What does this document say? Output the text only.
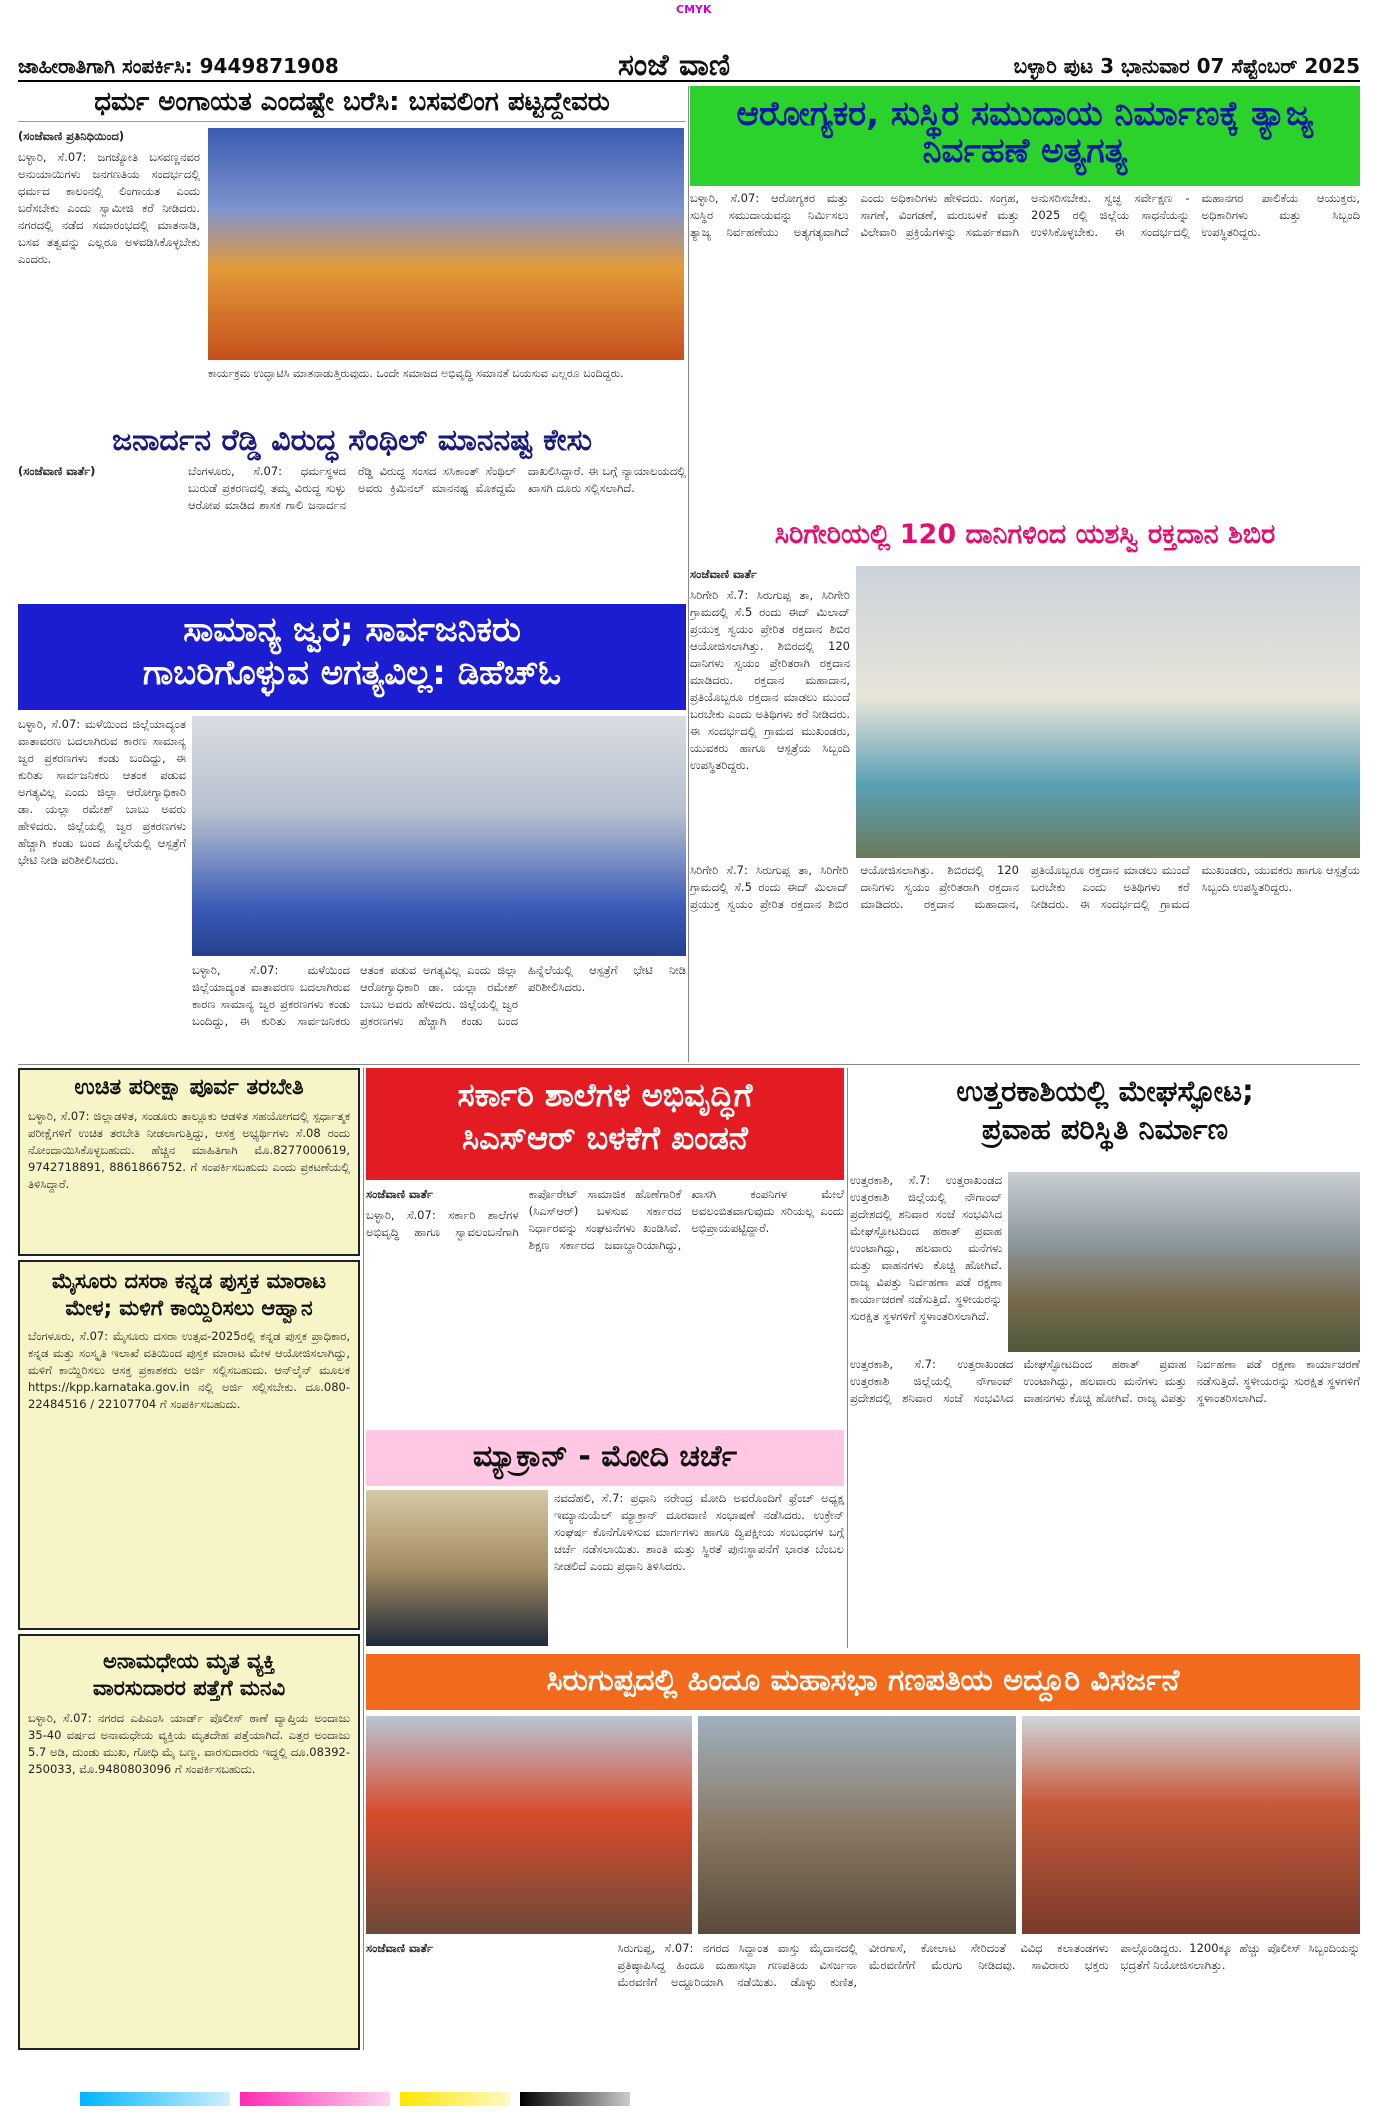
CMYK
ಜಾಹೀರಾತಿಗಾಗಿ ಸಂಪರ್ಕಿಸಿ: 9449871908	ಸಂಜೆ ವಾಣಿ	ಬಳ್ಳಾರಿ ಪುಟ 3 ಭಾನುವಾರ 07 ಸೆಪ್ಟೆಂಬರ್ 2025
ಧರ್ಮ ಅಂಗಾಯತ ಎಂದಷ್ಟೇ ಬರೆಸಿ: ಬಸವಲಿಂಗ ಪಟ್ಟದ್ದೇವರು
(ಸಂಜೆವಾಣಿ ಪ್ರತಿನಿಧಿಯಿಂದ)

ಬಳ್ಳಾರಿ, ಸೆ.07: ಜಗಜ್ಯೋತಿ ಬಸವಣ್ಣನವರ ಅನುಯಾಯಿಗಳು ಜನಗಣತಿಯ ಸಂದರ್ಭದಲ್ಲಿ ಧರ್ಮದ ಕಾಲಂನಲ್ಲಿ ಲಿಂಗಾಯತ ಎಂದು ಬರೆಸಬೇಕು ಎಂದು ಸ್ವಾಮೀಜಿ ಕರೆ ನೀಡಿದರು. ನಗರದಲ್ಲಿ ನಡೆದ ಸಮಾರಂಭದಲ್ಲಿ ಮಾತನಾಡಿ, ಬಸವ ತತ್ವವನ್ನು ಎಲ್ಲರೂ ಅಳವಡಿಸಿಕೊಳ್ಳಬೇಕು ಎಂದರು.

ಕಾರ್ಯಕ್ರಮ ಉದ್ಘಾಟಿಸಿ ಮಾತನಾಡುತ್ತಿರುವುದು. ಒಂದೇ ಸಮಾಜದ ಅಭಿವೃದ್ಧಿ ಸಮಾನತೆ ಬಯಸುವ ಎಲ್ಲರೂ ಬಂದಿದ್ದರು.
ಆರೋಗ್ಯಕರ, ಸುಸ್ಥಿರ ಸಮುದಾಯ ನಿರ್ಮಾಣಕ್ಕೆ ತ್ಯಾಜ್ಯ ನಿರ್ವಹಣೆ ಅತ್ಯಗತ್ಯ
ಬಳ್ಳಾರಿ, ಸೆ.07: ಆರೋಗ್ಯಕರ ಮತ್ತು ಸುಸ್ಥಿರ ಸಮುದಾಯವನ್ನು ನಿರ್ಮಿಸಲು ತ್ಯಾಜ್ಯ ನಿರ್ವಹಣೆಯು ಅತ್ಯಗತ್ಯವಾಗಿದೆ ಎಂದು ಅಧಿಕಾರಿಗಳು ಹೇಳಿದರು. ಸಂಗ್ರಹ, ಸಾಗಣೆ, ವಿಂಗಡಣೆ, ಮರುಬಳಕೆ ಮತ್ತು ವಿಲೇವಾರಿ ಪ್ರಕ್ರಿಯೆಗಳನ್ನು ಸಮರ್ಪಕವಾಗಿ ಅನುಸರಿಸಬೇಕು. ಸ್ವಚ್ಛ ಸರ್ವೇಕ್ಷಣ - 2025 ರಲ್ಲಿ ಜಿಲ್ಲೆಯ ಸಾಧನೆಯನ್ನು ಉಳಿಸಿಕೊಳ್ಳಬೇಕು. ಈ ಸಂದರ್ಭದಲ್ಲಿ ಮಹಾನಗರ ಪಾಲಿಕೆಯ ಆಯುಕ್ತರು, ಅಧಿಕಾರಿಗಳು ಮತ್ತು ಸಿಬ್ಬಂದಿ ಉಪಸ್ಥಿತರಿದ್ದರು.
ಜನಾರ್ದನ ರೆಡ್ಡಿ ವಿರುದ್ಧ ಸೆಂಥಿಲ್ ಮಾನನಷ್ಟ ಕೇಸು
(ಸಂಜೆವಾಣಿ ವಾರ್ತೆ)	ಬೆಂಗಳೂರು, ಸೆ.07: ಧರ್ಮಸ್ಥಳದ ಬುರುಡೆ ಪ್ರಕರಣದಲ್ಲಿ ತಮ್ಮ ವಿರುದ್ಧ ಸುಳ್ಳು ಆರೋಪ ಮಾಡಿದ ಶಾಸಕ ಗಾಲಿ ಜನಾರ್ದನ ರೆಡ್ಡಿ ವಿರುದ್ಧ ಸಂಸದ ಸಸಿಕಾಂತ್ ಸೆಂಥಿಲ್ ಅವರು ಕ್ರಿಮಿನಲ್ ಮಾನನಷ್ಟ ಮೊಕದ್ದಮೆ ದಾಖಲಿಸಿದ್ದಾರೆ. ಈ ಬಗ್ಗೆ ನ್ಯಾಯಾಲಯದಲ್ಲಿ ಖಾಸಗಿ ದೂರು ಸಲ್ಲಿಸಲಾಗಿದೆ.
ಸಾಮಾನ್ಯ ಜ್ವರ; ಸಾರ್ವಜನಿಕರು
ಗಾಬರಿಗೊಳ್ಳುವ ಅಗತ್ಯವಿಲ್ಲ: ಡಿಹೆಚ್ಓ
ಬಳ್ಳಾರಿ, ಸೆ.07: ಮಳೆಯಿಂದ ಜಿಲ್ಲೆಯಾದ್ಯಂತ ವಾತಾವರಣ ಬದಲಾಗಿರುವ ಕಾರಣ ಸಾಮಾನ್ಯ ಜ್ವರ ಪ್ರಕರಣಗಳು ಕಂಡು ಬಂದಿದ್ದು, ಈ ಕುರಿತು ಸಾರ್ವಜನಿಕರು ಆತಂಕ ಪಡುವ ಅಗತ್ಯವಿಲ್ಲ ಎಂದು ಜಿಲ್ಲಾ ಆರೋಗ್ಯಾಧಿಕಾರಿ ಡಾ. ಯಲ್ಲಾ ರಮೇಶ್ ಬಾಬು ಅವರು ಹೇಳಿದರು. ಜಿಲ್ಲೆಯಲ್ಲಿ ಜ್ವರ ಪ್ರಕರಣಗಳು ಹೆಚ್ಚಾಗಿ ಕಂಡು ಬಂದ ಹಿನ್ನೆಲೆಯಲ್ಲಿ ಆಸ್ಪತ್ರೆಗೆ ಭೇಟಿ ನೀಡಿ ಪರಿಶೀಲಿಸಿದರು.
ಬಳ್ಳಾರಿ, ಸೆ.07: ಮಳೆಯಿಂದ ಜಿಲ್ಲೆಯಾದ್ಯಂತ ವಾತಾವರಣ ಬದಲಾಗಿರುವ ಕಾರಣ ಸಾಮಾನ್ಯ ಜ್ವರ ಪ್ರಕರಣಗಳು ಕಂಡು ಬಂದಿದ್ದು, ಈ ಕುರಿತು ಸಾರ್ವಜನಿಕರು ಆತಂಕ ಪಡುವ ಅಗತ್ಯವಿಲ್ಲ ಎಂದು ಜಿಲ್ಲಾ ಆರೋಗ್ಯಾಧಿಕಾರಿ ಡಾ. ಯಲ್ಲಾ ರಮೇಶ್ ಬಾಬು ಅವರು ಹೇಳಿದರು. ಜಿಲ್ಲೆಯಲ್ಲಿ ಜ್ವರ ಪ್ರಕರಣಗಳು ಹೆಚ್ಚಾಗಿ ಕಂಡು ಬಂದ ಹಿನ್ನೆಲೆಯಲ್ಲಿ ಆಸ್ಪತ್ರೆಗೆ ಭೇಟಿ ನೀಡಿ ಪರಿಶೀಲಿಸಿದರು.
ಸಿರಿಗೇರಿಯಲ್ಲಿ 120 ದಾನಿಗಳಿಂದ ಯಶಸ್ವಿ ರಕ್ತದಾನ ಶಿಬಿರ
ಸಂಜೆವಾಣಿ ವಾರ್ತೆ
ಸಿರಿಗೇರಿ ಸೆ.7: ಸಿರುಗುಪ್ಪ ತಾ, ಸಿರಿಗೇರಿ ಗ್ರಾಮದಲ್ಲಿ ಸೆ.5 ರಂದು ಈದ್ ಮಿಲಾದ್ ಪ್ರಯುಕ್ತ ಸ್ವಯಂ ಪ್ರೇರಿತ ರಕ್ತದಾನ ಶಿಬಿರ ಆಯೋಜಿಸಲಾಗಿತ್ತು. ಶಿಬಿರದಲ್ಲಿ 120 ದಾನಿಗಳು ಸ್ವಯಂ ಪ್ರೇರಿತರಾಗಿ ರಕ್ತದಾನ ಮಾಡಿದರು. ರಕ್ತದಾನ ಮಹಾದಾನ, ಪ್ರತಿಯೊಬ್ಬರೂ ರಕ್ತದಾನ ಮಾಡಲು ಮುಂದೆ ಬರಬೇಕು ಎಂದು ಅತಿಥಿಗಳು ಕರೆ ನೀಡಿದರು. ಈ ಸಂದರ್ಭದಲ್ಲಿ ಗ್ರಾಮದ ಮುಖಂಡರು, ಯುವಕರು ಹಾಗೂ ಆಸ್ಪತ್ರೆಯ ಸಿಬ್ಬಂದಿ ಉಪಸ್ಥಿತರಿದ್ದರು.
ಸಿರಿಗೇರಿ ಸೆ.7: ಸಿರುಗುಪ್ಪ ತಾ, ಸಿರಿಗೇರಿ ಗ್ರಾಮದಲ್ಲಿ ಸೆ.5 ರಂದು ಈದ್ ಮಿಲಾದ್ ಪ್ರಯುಕ್ತ ಸ್ವಯಂ ಪ್ರೇರಿತ ರಕ್ತದಾನ ಶಿಬಿರ ಆಯೋಜಿಸಲಾಗಿತ್ತು. ಶಿಬಿರದಲ್ಲಿ 120 ದಾನಿಗಳು ಸ್ವಯಂ ಪ್ರೇರಿತರಾಗಿ ರಕ್ತದಾನ ಮಾಡಿದರು. ರಕ್ತದಾನ ಮಹಾದಾನ, ಪ್ರತಿಯೊಬ್ಬರೂ ರಕ್ತದಾನ ಮಾಡಲು ಮುಂದೆ ಬರಬೇಕು ಎಂದು ಅತಿಥಿಗಳು ಕರೆ ನೀಡಿದರು. ಈ ಸಂದರ್ಭದಲ್ಲಿ ಗ್ರಾಮದ ಮುಖಂಡರು, ಯುವಕರು ಹಾಗೂ ಆಸ್ಪತ್ರೆಯ ಸಿಬ್ಬಂದಿ ಉಪಸ್ಥಿತರಿದ್ದರು.
ಉಚಿತ ಪರೀಕ್ಷಾ ಪೂರ್ವ ತರಬೇತಿ
ಬಳ್ಳಾರಿ, ಸೆ.07: ಜಿಲ್ಲಾಡಳಿತ, ಸಂಡೂರು ತಾಲ್ಲೂಕು ಆಡಳಿತ ಸಹಯೋಗದಲ್ಲಿ ಸ್ಪರ್ಧಾತ್ಮಕ ಪರೀಕ್ಷೆಗಳಿಗೆ ಉಚಿತ ತರಬೇತಿ ನೀಡಲಾಗುತ್ತಿದ್ದು, ಆಸಕ್ತ ಅಭ್ಯರ್ಥಿಗಳು ಸೆ.08 ರಂದು ನೋಂದಾಯಿಸಿಕೊಳ್ಳಬಹುದು. ಹೆಚ್ಚಿನ ಮಾಹಿತಿಗಾಗಿ ಮೊ.8277000619, 9742718891, 8861866752. ಗೆ ಸಂಪರ್ಕಿಸಬಹುದು ಎಂದು ಪ್ರಕಟಣೆಯಲ್ಲಿ ತಿಳಿಸಿದ್ದಾರೆ.
ಮೈಸೂರು ದಸರಾ ಕನ್ನಡ ಪುಸ್ತಕ ಮಾರಾಟ
ಮೇಳ; ಮಳಿಗೆ ಕಾಯ್ದಿರಿಸಲು ಆಹ್ವಾನ
ಬೆಂಗಳೂರು, ಸೆ.07: ಮೈಸೂರು ದಸರಾ ಉತ್ಸವ-2025ರಲ್ಲಿ ಕನ್ನಡ ಪುಸ್ತಕ ಪ್ರಾಧಿಕಾರ, ಕನ್ನಡ ಮತ್ತು ಸಂಸ್ಕೃತಿ ಇಲಾಖೆ ವತಿಯಿಂದ ಪುಸ್ತಕ ಮಾರಾಟ ಮೇಳ ಆಯೋಜಿಸಲಾಗಿದ್ದು, ಮಳಿಗೆ ಕಾಯ್ದಿರಿಸಲು ಆಸಕ್ತ ಪ್ರಕಾಶಕರು ಅರ್ಜಿ ಸಲ್ಲಿಸಬಹುದು. ಆನ್‌ಲೈನ್ ಮೂಲಕ https://kpp.karnataka.gov.in ನಲ್ಲಿ ಅರ್ಜಿ ಸಲ್ಲಿಸಬೇಕು. ದೂ.080-22484516 / 22107704 ಗೆ ಸಂಪರ್ಕಿಸಬಹುದು.
ಅನಾಮಧೇಯ ಮೃತ ವ್ಯಕ್ತಿ
ವಾರಸುದಾರರ ಪತ್ತೆಗೆ ಮನವಿ
ಬಳ್ಳಾರಿ, ಸೆ.07: ನಗರದ ಎಪಿಎಂಸಿ ಯಾರ್ಡ್ ಪೊಲೀಸ್ ಠಾಣೆ ವ್ಯಾಪ್ತಿಯ ಅಂದಾಜು 35-40 ವರ್ಷದ ಅನಾಮಧೇಯ ವ್ಯಕ್ತಿಯ ಮೃತದೇಹ ಪತ್ತೆಯಾಗಿದೆ. ಎತ್ತರ ಅಂದಾಜು 5.7 ಅಡಿ, ದುಂಡು ಮುಖ, ಗೋಧಿ ಮೈ ಬಣ್ಣ. ವಾರಸುದಾರರು ಇದ್ದಲ್ಲಿ ದೂ.08392-250033, ಮೊ.9480803096 ಗೆ ಸಂಪರ್ಕಿಸಬಹುದು.
ಸರ್ಕಾರಿ ಶಾಲೆಗಳ ಅಭಿವೃದ್ಧಿಗೆ
ಸಿಎಸ್ಆರ್ ಬಳಕೆಗೆ ಖಂಡನೆ
ಸಂಜೆವಾಣಿ ವಾರ್ತೆ
ಬಳ್ಳಾರಿ, ಸೆ.07: ಸರ್ಕಾರಿ ಶಾಲೆಗಳ ಅಭಿವೃದ್ಧಿ ಹಾಗೂ ಸ್ವಾವಲಂಬನೆಗಾಗಿ ಕಾರ್ಪೊರೇಟ್ ಸಾಮಾಜಿಕ ಹೊಣೆಗಾರಿಕೆ (ಸಿಎಸ್‌ಆರ್) ಬಳಸುವ ಸರ್ಕಾರದ ನಿರ್ಧಾರವನ್ನು ಸಂಘಟನೆಗಳು ಖಂಡಿಸಿವೆ. ಶಿಕ್ಷಣ ಸರ್ಕಾರದ ಜವಾಬ್ದಾರಿಯಾಗಿದ್ದು, ಖಾಸಗಿ ಕಂಪನಿಗಳ ಮೇಲೆ ಅವಲಂಬಿತವಾಗುವುದು ಸರಿಯಲ್ಲ ಎಂದು ಅಭಿಪ್ರಾಯಪಟ್ಟಿದ್ದಾರೆ.
ಉತ್ತರಕಾಶಿಯಲ್ಲಿ ಮೇಘಸ್ಫೋಟ;
ಪ್ರವಾಹ ಪರಿಸ್ಥಿತಿ ನಿರ್ಮಾಣ
ಉತ್ತರಕಾಶಿ, ಸೆ.7: ಉತ್ತರಾಖಂಡದ ಉತ್ತರಕಾಶಿ ಜಿಲ್ಲೆಯಲ್ಲಿ ನೌಗಾಂವ್ ಪ್ರದೇಶದಲ್ಲಿ ಶನಿವಾರ ಸಂಜೆ ಸಂಭವಿಸಿದ ಮೇಘಸ್ಫೋಟದಿಂದ ಹಠಾತ್ ಪ್ರವಾಹ ಉಂಟಾಗಿದ್ದು, ಹಲವಾರು ಮನೆಗಳು ಮತ್ತು ವಾಹನಗಳು ಕೊಚ್ಚಿ ಹೋಗಿವೆ. ರಾಜ್ಯ ವಿಪತ್ತು ನಿರ್ವಹಣಾ ಪಡೆ ರಕ್ಷಣಾ ಕಾರ್ಯಾಚರಣೆ ನಡೆಸುತ್ತಿದೆ. ಸ್ಥಳೀಯರನ್ನು ಸುರಕ್ಷಿತ ಸ್ಥಳಗಳಿಗೆ ಸ್ಥಳಾಂತರಿಸಲಾಗಿದೆ.
ಉತ್ತರಕಾಶಿ, ಸೆ.7: ಉತ್ತರಾಖಂಡದ ಉತ್ತರಕಾಶಿ ಜಿಲ್ಲೆಯಲ್ಲಿ ನೌಗಾಂವ್ ಪ್ರದೇಶದಲ್ಲಿ ಶನಿವಾರ ಸಂಜೆ ಸಂಭವಿಸಿದ ಮೇಘಸ್ಫೋಟದಿಂದ ಹಠಾತ್ ಪ್ರವಾಹ ಉಂಟಾಗಿದ್ದು, ಹಲವಾರು ಮನೆಗಳು ಮತ್ತು ವಾಹನಗಳು ಕೊಚ್ಚಿ ಹೋಗಿವೆ. ರಾಜ್ಯ ವಿಪತ್ತು ನಿರ್ವಹಣಾ ಪಡೆ ರಕ್ಷಣಾ ಕಾರ್ಯಾಚರಣೆ ನಡೆಸುತ್ತಿದೆ. ಸ್ಥಳೀಯರನ್ನು ಸುರಕ್ಷಿತ ಸ್ಥಳಗಳಿಗೆ ಸ್ಥಳಾಂತರಿಸಲಾಗಿದೆ.
ಮ್ಯಾಕ್ರಾನ್ - ಮೋದಿ ಚರ್ಚೆ
ನವದೆಹಲಿ, ಸೆ.7: ಪ್ರಧಾನಿ ನರೇಂದ್ರ ಮೋದಿ ಅವರೊಂದಿಗೆ ಫ್ರೆಂಚ್ ಅಧ್ಯಕ್ಷ ಇಮ್ಯಾನುಯೆಲ್ ಮ್ಯಾಕ್ರಾನ್ ದೂರವಾಣಿ ಸಂಭಾಷಣೆ ನಡೆಸಿದರು. ಉಕ್ರೇನ್ ಸಂಘರ್ಷ ಕೊನೆಗೊಳಿಸುವ ಮಾರ್ಗಗಳು ಹಾಗೂ ದ್ವಿಪಕ್ಷೀಯ ಸಂಬಂಧಗಳ ಬಗ್ಗೆ ಚರ್ಚೆ ನಡೆಸಲಾಯಿತು. ಶಾಂತಿ ಮತ್ತು ಸ್ಥಿರತೆ ಪುನಃಸ್ಥಾಪನೆಗೆ ಭಾರತ ಬೆಂಬಲ ನೀಡಲಿದೆ ಎಂದು ಪ್ರಧಾನಿ ತಿಳಿಸಿದರು.
ಸಿರುಗುಪ್ಪದಲ್ಲಿ ಹಿಂದೂ ಮಹಾಸಭಾ ಗಣಪತಿಯ ಅದ್ದೂರಿ ವಿಸರ್ಜನೆ
ಸಂಜೆವಾಣಿ ವಾರ್ತೆ	ಸಿರುಗುಪ್ಪ, ಸೆ.07: ನಗರದ ಸಿದ್ದಾಂತ ವಾಸ್ತು ಮೈದಾನದಲ್ಲಿ ಪ್ರತಿಷ್ಠಾಪಿಸಿದ್ದ ಹಿಂದೂ ಮಹಾಸಭಾ ಗಣಪತಿಯ ವಿಸರ್ಜನಾ ಮೆರವಣಿಗೆ ಅದ್ದೂರಿಯಾಗಿ ನಡೆಯಿತು. ಡೊಳ್ಳು ಕುಣಿತ, ವೀರಗಾಸೆ, ಕೋಲಾಟ ಸೇರಿದಂತೆ ವಿವಿಧ ಕಲಾತಂಡಗಳು ಮೆರವಣಿಗೆಗೆ ಮೆರುಗು ನೀಡಿದವು. ಸಾವಿರಾರು ಭಕ್ತರು ಪಾಲ್ಗೊಂಡಿದ್ದರು. 1200ಕ್ಕೂ ಹೆಚ್ಚು ಪೊಲೀಸ್ ಸಿಬ್ಬಂದಿಯನ್ನು ಭದ್ರತೆಗೆ ನಿಯೋಜಿಸಲಾಗಿತ್ತು.
